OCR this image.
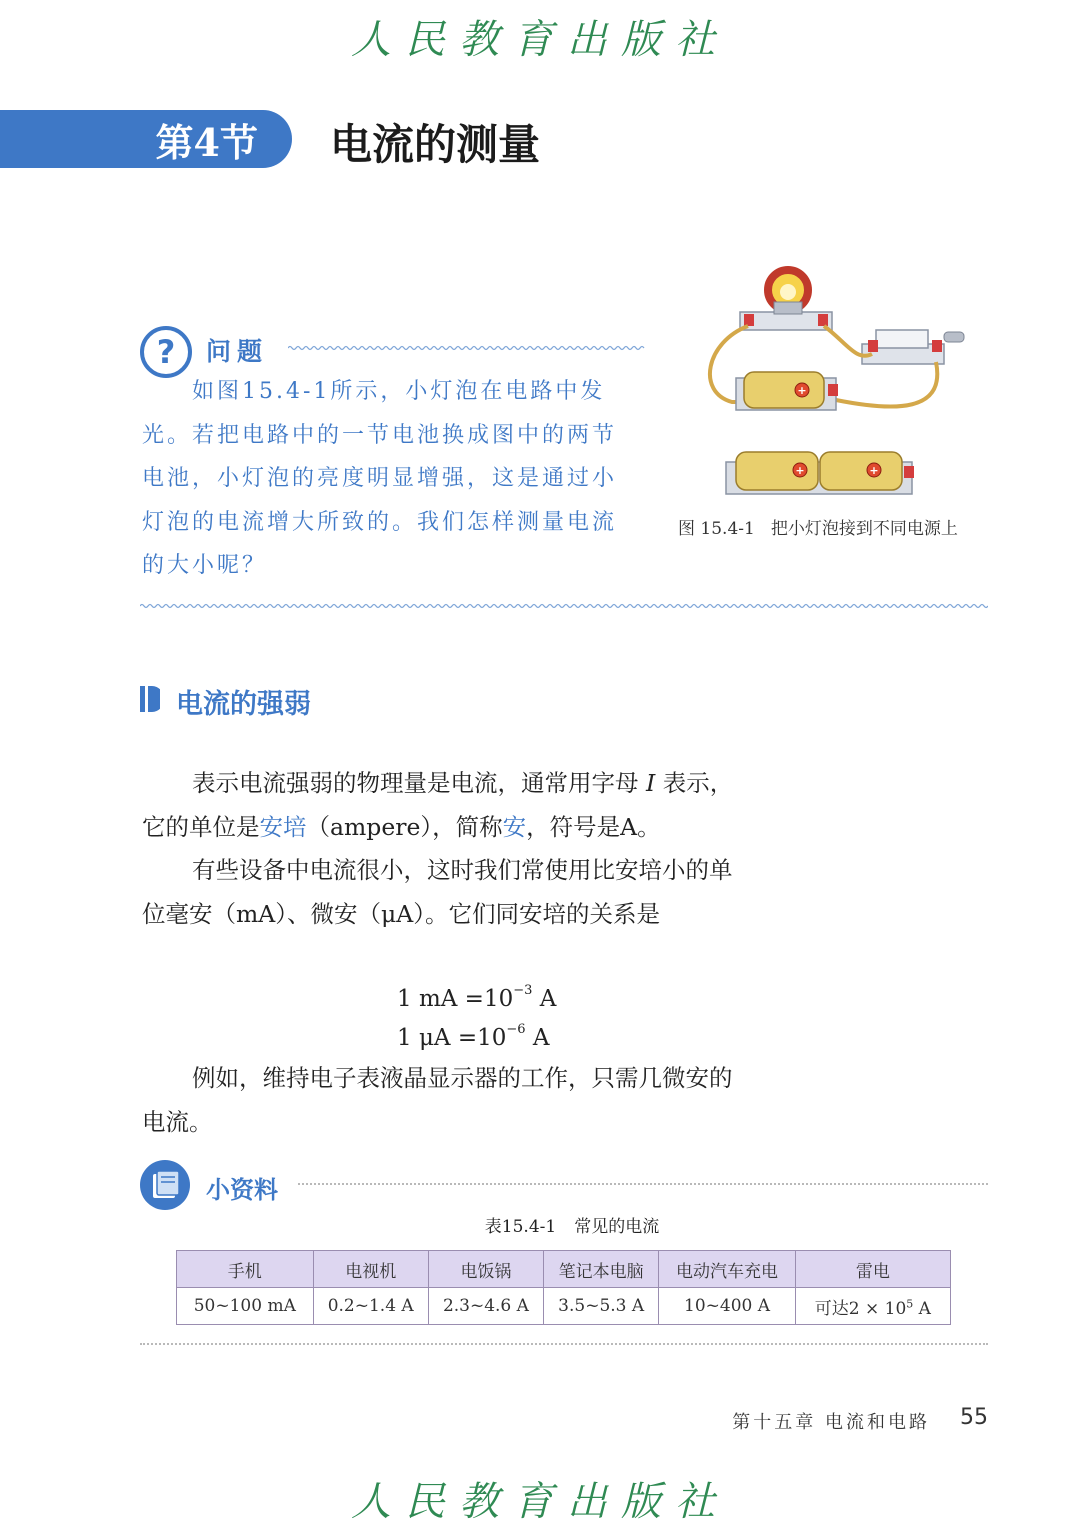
人民教育出版社
第4节	电流的测量
?	问题
如图15.4-1所示，小灯泡在电路中发光。若把电路中的一节电池换成图中的两节电池，小灯泡的亮度明显增强，这是通过小灯泡的电流增大所致的。我们怎样测量电流的大小呢？
+
+	+
图 15.4-1 把小灯泡接到不同电源上
电流的强弱
表示电流强弱的物理量是电流，通常用字母 I 表示，它的单位是安培（ampere），简称安，符号是A。
有些设备中电流很小，这时我们常使用比安培小的单位毫安（mA）、微安（μA）。它们同安培的关系是
1 mA $=10^{-3}$ A
1 $\mu A =10^{-6}$ A
例如，维持电子表液晶显示器的工作，只需几微安的电流。
小资料
表15.4-1 常见的电流
手机	电视机	电饭锅	笔记本电脑	电动汽车充电	雷电
50~100 mA	0.2~1.4 A	2.3~4.6 A	3.5~5.3 A	10~400 A	可达$2 \times 10^5$ A
第十五章 电流和电路 55
人民教育出版社
